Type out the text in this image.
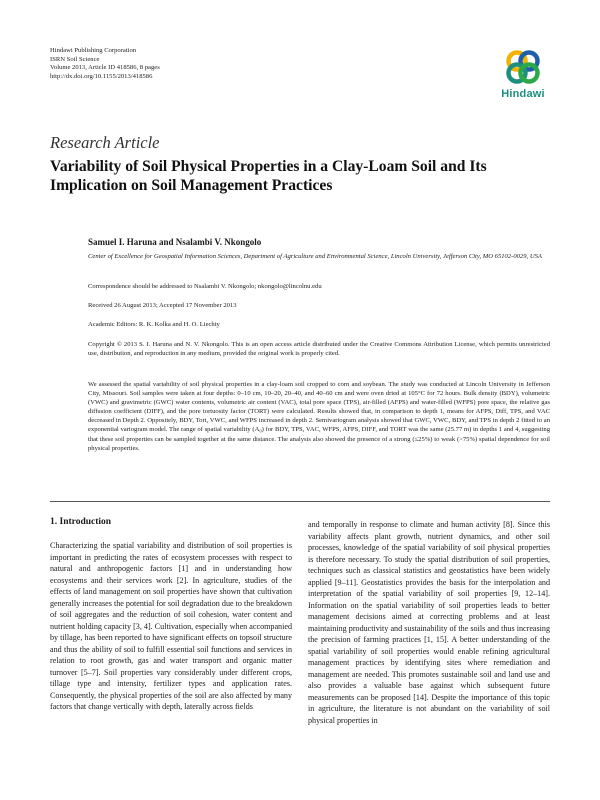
Hindawi Publishing Corporation
ISRN Soil Science
Volume 2013, Article ID 418586, 8 pages
http://dx.doi.org/10.1155/2013/418586
Hindawi
Research Article
Variability of Soil Physical Properties in a Clay-Loam Soil and Its Implication on Soil Management Practices
Samuel I. Haruna and Nsalambi V. Nkongolo
Center of Excellence for Geospatial Information Sciences, Department of Agriculture and Environmental Science, Lincoln University, Jefferson City, MO 65102-0029, USA
Correspondence should be addressed to Nsalambi V. Nkongolo; nkongolo@lincolnu.edu
Received 26 August 2013; Accepted 17 November 2013
Academic Editors: R. K. Kolka and H. O. Liechty
Copyright © 2013 S. I. Haruna and N. V. Nkongolo. This is an open access article distributed under the Creative Commons Attribution License, which permits unrestricted use, distribution, and reproduction in any medium, provided the original work is properly cited.
We assessed the spatial variability of soil physical properties in a clay-loam soil cropped to corn and soybean. The study was conducted at Lincoln University in Jefferson City, Missouri. Soil samples were taken at four depths: 0–10 cm, 10–20, 20–40, and 40–60 cm and were oven dried at 105°C for 72 hours. Bulk density (BDY), volumetric (VWC) and gravimetric (GWC) water contents, volumetric air content (VAC), total pore space (TPS), air-filled (AFPS) and water-filled (WFPS) pore space, the relative gas diffusion coefficient (DIFF), and the pore tortuosity factor (TORT) were calculated. Results showed that, in comparison to depth 1, means for AFPS, Diff, TPS, and VAC decreased in Depth 2. Oppositely, BDY, Tort, VWC, and WFPS increased in depth 2. Semivariogram analysis showed that GWC, VWC, BDY, and TPS in depth 2 fitted to an exponential variogram model. The range of spatial variability (A₀) for BDY, TPS, VAC, WFPS, AFPS, DIFF, and TORT was the same (25.77 m) in depths 1 and 4, suggesting that these soil properties can be sampled together at the same distance. The analysis also showed the presence of a strong (≤25%) to weak (>75%) spatial dependence for soil physical properties.
1. Introduction

Characterizing the spatial variability and distribution of soil properties is important in predicting the rates of ecosystem processes with respect to natural and anthropogenic factors [1] and in understanding how ecosystems and their services work [2]. In agriculture, studies of the effects of land management on soil properties have shown that cultivation generally increases the potential for soil degradation due to the breakdown of soil aggregates and the reduction of soil cohesion, water content and nutrient holding capacity [3, 4]. Cultivation, especially when accompanied by tillage, has been reported to have significant effects on topsoil structure and thus the ability of soil to fulfill essential soil functions and services in relation to root growth, gas and water transport and organic matter turnover [5–7]. Soil properties vary considerably under different crops, tillage type and intensity, fertilizer types and application rates. Consequently, the physical properties of the soil are also affected by many factors that change vertically with depth, laterally across fields

and temporally in response to climate and human activity [8]. Since this variability affects plant growth, nutrient dynamics, and other soil processes, knowledge of the spatial variability of soil physical properties is therefore necessary. To study the spatial distribution of soil properties, techniques such as classical statistics and geostatistics have been widely applied [9–11]. Geostatistics provides the basis for the interpolation and interpretation of the spatial variability of soil properties [9, 12–14]. Information on the spatial variability of soil properties leads to better management decisions aimed at correcting problems and at least maintaining productivity and sustainability of the soils and thus increasing the precision of farming practices [1, 15]. A better understanding of the spatial variability of soil properties would enable refining agricultural management practices by identifying sites where remediation and management are needed. This promotes sustainable soil and land use and also provides a valuable base against which subsequent future measurements can be proposed [14]. Despite the importance of this topic in agriculture, the literature is not abundant on the variability of soil physical properties in
